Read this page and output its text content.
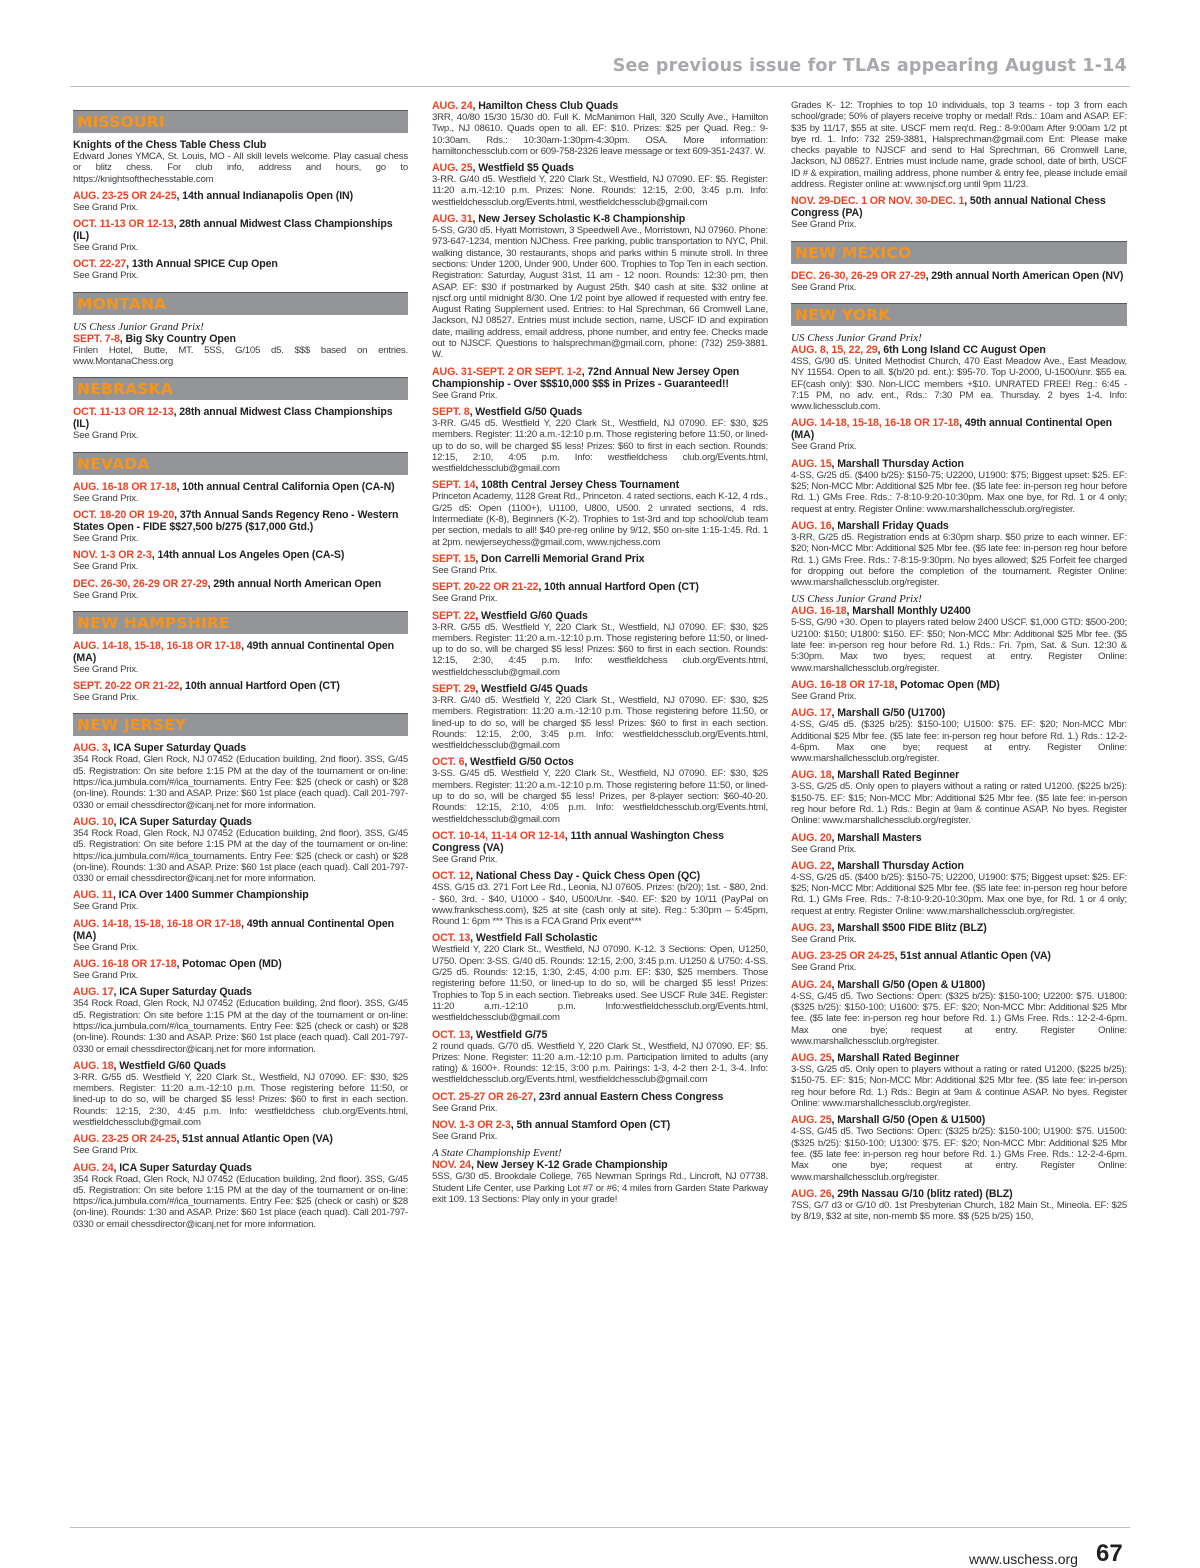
See previous issue for TLAs appearing August 1-14
MISSOURI

Knights of the Chess Table Chess Club

Edward Jones YMCA, St. Louis, MO - All skill levels welcome. Play casual chess or blitz chess. For club info, address and hours, go to https://knightsofthechesstable.com

AUG. 23-25 OR 24-25, 14th annual Indianapolis Open (IN)

See Grand Prix.

OCT. 11-13 OR 12-13, 28th annual Midwest Class Championships (IL)

See Grand Prix.

OCT. 22-27, 13th Annual SPICE Cup Open

See Grand Prix.

MONTANA

US Chess Junior Grand Prix!

SEPT. 7-8, Big Sky Country Open

Finlen Hotel, Butte, MT. 5SS, G/105 d5. $$$ based on entries. www.MontanaChess.org

NEBRASKA

OCT. 11-13 OR 12-13, 28th annual Midwest Class Championships (IL)

See Grand Prix.

NEVADA

AUG. 16-18 OR 17-18, 10th annual Central California Open (CA-N)

See Grand Prix.

OCT. 18-20 OR 19-20, 37th Annual Sands Regency Reno - Western States Open - FIDE $$27,500 b/275 ($17,000 Gtd.)

See Grand Prix.

NOV. 1-3 OR 2-3, 14th annual Los Angeles Open (CA-S)

See Grand Prix.

DEC. 26-30, 26-29 OR 27-29, 29th annual North American Open

See Grand Prix.

NEW HAMPSHIRE

AUG. 14-18, 15-18, 16-18 OR 17-18, 49th annual Continental Open (MA)

See Grand Prix.

SEPT. 20-22 OR 21-22, 10th annual Hartford Open (CT)

See Grand Prix.

NEW JERSEY

AUG. 3, ICA Super Saturday Quads

354 Rock Road, Glen Rock, NJ 07452 (Education building, 2nd floor). 3SS, G/45 d5. Registration: On site before 1:15 PM at the day of the tournament or on-line: https://ica.jumbula.com/#/ica_tournaments. Entry Fee: $25 (check or cash) or $28 (on-line). Rounds: 1:30 and ASAP. Prize: $60 1st place (each quad). Call 201-797-0330 or email chessdirector@icanj.net for more information.

AUG. 10, ICA Super Saturday Quads

354 Rock Road, Glen Rock, NJ 07452 (Education building, 2nd floor). 3SS, G/45 d5. Registration: On site before 1:15 PM at the day of the tournament or on-line: https://ica.jumbula.com/#/ica_tournaments. Entry Fee: $25 (check or cash) or $28 (on-line). Rounds: 1:30 and ASAP. Prize: $60 1st place (each quad). Call 201-797-0330 or email chessdirector@icanj.net for more information.

AUG. 11, ICA Over 1400 Summer Championship

See Grand Prix.

AUG. 14-18, 15-18, 16-18 OR 17-18, 49th annual Continental Open (MA)

See Grand Prix.

AUG. 16-18 OR 17-18, Potomac Open (MD)

See Grand Prix.

AUG. 17, ICA Super Saturday Quads

354 Rock Road, Glen Rock, NJ 07452 (Education building, 2nd floor). 3SS, G/45 d5. Registration: On site before 1:15 PM at the day of the tournament or on-line: https://ica.jumbula.com/#/ica_tournaments. Entry Fee: $25 (check or cash) or $28 (on-line). Rounds: 1:30 and ASAP. Prize: $60 1st place (each quad). Call 201-797-0330 or email chessdirector@icanj.net for more information.

AUG. 18, Westfield G/60 Quads

3-RR. G/55 d5. Westfield Y, 220 Clark St., Westfield, NJ 07090. EF: $30, $25 members. Register: 11:20 a.m.-12:10 p.m. Those registering before 11:50, or lined-up to do so, will be charged $5 less! Prizes: $60 to first in each section. Rounds: 12:15, 2:30, 4:45 p.m. Info: westfieldchess club.org/Events.html, westfieldchessclub@gmail.com

AUG. 23-25 OR 24-25, 51st annual Atlantic Open (VA)

See Grand Prix.

AUG. 24, ICA Super Saturday Quads

354 Rock Road, Glen Rock, NJ 07452 (Education building, 2nd floor). 3SS, G/45 d5. Registration: On site before 1:15 PM at the day of the tournament or on-line: https://ica.jumbula.com/#/ica_tournaments. Entry Fee: $25 (check or cash) or $28 (on-line). Rounds: 1:30 and ASAP. Prize: $60 1st place (each quad). Call 201-797-0330 or email chessdirector@icanj.net for more information.

AUG. 24, Hamilton Chess Club Quads

3RR, 40/80 15/30 15/30 d0. Full K. McManimon Hall, 320 Scully Ave., Hamilton Twp., NJ 08610. Quads open to all. EF: $10. Prizes: $25 per Quad. Reg.: 9-10:30am. Rds.: 10:30am-1:30pm-4:30pm. OSA. More information: hamiltonchessclub.com or 609-758-2326 leave message or text 609-351-2437. W.

AUG. 25, Westfield $5 Quads

3-RR. G/40 d5. Westfield Y, 220 Clark St., Westfield, NJ 07090. EF: $5. Register: 11:20 a.m.-12:10 p.m. Prizes: None. Rounds: 12:15, 2:00, 3:45 p.m. Info: westfieldchessclub.org/Events.html, westfieldchessclub@gmail.com

AUG. 31, New Jersey Scholastic K-8 Championship

5-SS, G/30 d5. Hyatt Morristown, 3 Speedwell Ave., Morristown, NJ 07960. Phone: 973-647-1234, mention NJChess. Free parking, public transportation to NYC, Phil. walking distance, 30 restaurants, shops and parks within 5 minute stroll. In three sections: Under 1200, Under 900, Under 600. Trophies to Top Ten in each section. Registration: Saturday, August 31st, 11 am - 12 noon. Rounds: 12:30 pm, then ASAP. EF: $30 if postmarked by August 25th. $40 cash at site. $32 online at njscf.org until midnight 8/30. One 1/2 point bye allowed if requested with entry fee. August Rating Supplement used. Entries: to Hal Sprechman, 66 Cromwell Lane, Jackson, NJ 08527. Entries must include section, name, USCF ID and expiration date, mailing address, email address, phone number, and entry fee. Checks made out to NJSCF. Questions to halsprechman@gmail.com, phone: (732) 259-3881. W.

AUG. 31-SEPT. 2 OR SEPT. 1-2, 72nd Annual New Jersey Open Championship - Over $$$10,000 $$$ in Prizes - Guaranteed!!

See Grand Prix.

SEPT. 8, Westfield G/50 Quads

3-RR. G/45 d5. Westfield Y, 220 Clark St., Westfield, NJ 07090. EF: $30, $25 members. Register: 11:20 a.m.-12:10 p.m. Those registering before 11:50, or lined-up to do so, will be charged $5 less! Prizes: $60 to first in each section. Rounds: 12:15, 2:10, 4:05 p.m. Info: westfieldchess club.org/Events.html, westfieldchessclub@gmail.com

SEPT. 14, 108th Central Jersey Chess Tournament

Princeton Academy, 1128 Great Rd., Princeton. 4 rated sections, each K-12, 4 rds., G/25 d5: Open (1100+), U1100, U800, U500. 2 unrated sections, 4 rds. Intermediate (K-8), Beginners (K-2). Trophies to 1st-3rd and top school/club team per section, medals to all! $40 pre-reg online by 9/12, $50 on-site 1:15-1:45. Rd. 1 at 2pm. newjerseychess@gmail.com, www.njchess.com

SEPT. 15, Don Carrelli Memorial Grand Prix

See Grand Prix.

SEPT. 20-22 OR 21-22, 10th annual Hartford Open (CT)

See Grand Prix.

SEPT. 22, Westfield G/60 Quads

3-RR. G/55 d5. Westfield Y, 220 Clark St., Westfield, NJ 07090. EF: $30, $25 members. Register: 11:20 a.m.-12:10 p.m. Those registering before 11:50, or lined-up to do so, will be charged $5 less! Prizes: $60 to first in each section. Rounds: 12:15, 2:30, 4:45 p.m. Info: westfieldchess club.org/Events.html, westfieldchessclub@gmail.com

SEPT. 29, Westfield G/45 Quads

3-RR. G/40 d5. Westfield Y, 220 Clark St., Westfield, NJ 07090. EF: $30, $25 members. Registration: 11:20 a.m.-12:10 p.m. Those registering before 11:50, or lined-up to do so, will be charged $5 less! Prizes: $60 to first in each section. Rounds: 12:15, 2:00, 3:45 p.m. Info: westfieldchessclub.org/Events.html, westfieldchessclub@gmail.com

OCT. 6, Westfield G/50 Octos

3-SS. G/45 d5. Westfield Y, 220 Clark St., Westfield, NJ 07090. EF: $30, $25 members. Register: 11:20 a.m.-12:10 p.m. Those registering before 11:50, or lined-up to do so, will be charged $5 less! Prizes, per 8-player section: $60-40-20. Rounds: 12:15, 2:10, 4:05 p.m. Info: westfieldchessclub.org/Events.html, westfieldchessclub@gmail.com

OCT. 10-14, 11-14 OR 12-14, 11th annual Washington Chess Congress (VA)

See Grand Prix.

OCT. 12, National Chess Day - Quick Chess Open (QC)

4SS. G/15 d3. 271 Fort Lee Rd., Leonia, NJ 07605. Prizes: (b/20); 1st. - $80, 2nd. - $60, 3rd. - $40, U1000 - $40, U500/Unr. -$40. EF: $20 by 10/11 (PayPal on www.frankschess.com), $25 at site (cash only at site). Reg.: 5:30pm – 5:45pm, Round 1: 6pm *** This is a FCA Grand Prix event***

OCT. 13, Westfield Fall Scholastic

Westfield Y, 220 Clark St., Westfield, NJ 07090. K-12. 3 Sections: Open, U1250, U750. Open: 3-SS. G/40 d5. Rounds: 12:15, 2:00, 3:45 p.m. U1250 & U750: 4-SS. G/25 d5. Rounds: 12:15, 1:30, 2:45, 4:00 p.m. EF: $30, $25 members. Those registering before 11:50, or lined-up to do so, will be charged $5 less! Prizes: Trophies to Top 5 in each section. Tiebreaks used. See USCF Rule 34E. Register: 11:20 a.m.-12:10 p.m. Info:westfieldchessclub.org/Events.html, westfieldchessclub@gmail.com

OCT. 13, Westfield G/75

2 round quads. G/70 d5. Westfield Y, 220 Clark St., Westfield, NJ 07090. EF: $5. Prizes: None. Register: 11:20 a.m.-12:10 p.m. Participation limited to adults (any rating) & 1600+. Rounds: 12:15, 3:00 p.m. Pairings: 1-3, 4-2 then 2-1, 3-4. Info: westfieldchessclub.org/Events.html, westfieldchessclub@gmail.com

OCT. 25-27 OR 26-27, 23rd annual Eastern Chess Congress

See Grand Prix.

NOV. 1-3 OR 2-3, 5th annual Stamford Open (CT)

See Grand Prix.

A State Championship Event!

NOV. 24, New Jersey K-12 Grade Championship

5SS, G/30 d5. Brookdale College, 765 Newman Springs Rd., Lincroft, NJ 07738. Student Life Center, use Parking Lot #7 or #6; 4 miles from Garden State Parkway exit 109. 13 Sections: Play only in your grade!

Grades K- 12: Trophies to top 10 individuals, top 3 teams - top 3 from each school/grade; 50% of players receive trophy or medal! Rds.: 10am and ASAP. EF: $35 by 11/17, $55 at site. USCF mem req'd. Reg.: 8-9:00am After 9:00am 1/2 pt bye rd. 1. Info: 732 259-3881, Halsprechman@gmail.com Ent: Please make checks payable to NJSCF and send to Hal Sprechman, 66 Cromwell Lane, Jackson, NJ 08527. Entries must include name, grade school, date of birth, USCF ID # & expiration, mailing address, phone number & entry fee, please include email address. Register online at: www.njscf.org until 9pm 11/23.

NOV. 29-DEC. 1 OR NOV. 30-DEC. 1, 50th annual National Chess Congress (PA)

See Grand Prix.

NEW MEXICO

DEC. 26-30, 26-29 OR 27-29, 29th annual North American Open (NV)

See Grand Prix.

NEW YORK

US Chess Junior Grand Prix!

AUG. 8, 15, 22, 29, 6th Long Island CC August Open

4SS, G/90 d5. United Methodist Church, 470 East Meadow Ave., East Meadow, NY 11554. Open to all. $(b/20 pd. ent.): $95-70. Top U-2000, U-1500/unr. $55 ea. EF(cash only): $30. Non-LICC members +$10. UNRATED FREE! Reg.: 6:45 - 7:15 PM, no adv. ent., Rds.: 7:30 PM ea. Thursday. 2 byes 1-4. Info: www.lichessclub.com.

AUG. 14-18, 15-18, 16-18 OR 17-18, 49th annual Continental Open (MA)

See Grand Prix.

AUG. 15, Marshall Thursday Action

4-SS, G/25 d5. ($400 b/25): $150-75; U2200, U1900: $75; Biggest upset: $25. EF: $25; Non-MCC Mbr: Additional $25 Mbr fee. ($5 late fee: in-person reg hour before Rd. 1.) GMs Free. Rds.: 7-8:10-9:20-10:30pm. Max one bye, for Rd. 1 or 4 only; request at entry. Register Online: www.marshallchessclub.org/register.

AUG. 16, Marshall Friday Quads

3-RR, G/25 d5. Registration ends at 6:30pm sharp. $50 prize to each winner. EF: $20; Non-MCC Mbr: Additional $25 Mbr fee. ($5 late fee: in-person reg hour before Rd. 1.) GMs Free. Rds.: 7-8:15-9:30pm. No byes allowed; $25 Forfeit fee charged for dropping out before the completion of the tournament. Register Online: www.marshallchessclub.org/register.

US Chess Junior Grand Prix!

AUG. 16-18, Marshall Monthly U2400

5-SS, G/90 +30. Open to players rated below 2400 USCF. $1,000 GTD: $500-200; U2100: $150; U1800: $150. EF: $50; Non-MCC Mbr: Additional $25 Mbr fee. ($5 late fee: in-person reg hour before Rd. 1.) Rds.: Fri. 7pm, Sat. & Sun. 12:30 & 5:30pm. Max two byes; request at entry. Register Online: www.marshallchessclub.org/register.

AUG. 16-18 OR 17-18, Potomac Open (MD)

See Grand Prix.

AUG. 17, Marshall G/50 (U1700)

4-SS, G/45 d5. ($325 b/25): $150-100; U1500: $75. EF: $20; Non-MCC Mbr: Additional $25 Mbr fee. ($5 late fee: in-person reg hour before Rd. 1.) Rds.: 12-2-4-6pm. Max one bye; request at entry. Register Online: www.marshallchessclub.org/register.

AUG. 18, Marshall Rated Beginner

3-SS, G/25 d5. Only open to players without a rating or rated U1200. ($225 b/25): $150-75. EF: $15; Non-MCC Mbr: Additional $25 Mbr fee. ($5 late fee: in-person reg hour before Rd. 1.) Rds.: Begin at 9am & continue ASAP. No byes. Register Online: www.marshallchessclub.org/register.

AUG. 20, Marshall Masters

See Grand Prix.

AUG. 22, Marshall Thursday Action

4-SS, G/25 d5. ($400 b/25): $150-75; U2200, U1900: $75; Biggest upset: $25. EF: $25; Non-MCC Mbr: Additional $25 Mbr fee. ($5 late fee: in-person reg hour before Rd. 1.) GMs Free. Rds.: 7-8:10-9:20-10:30pm. Max one bye, for Rd. 1 or 4 only; request at entry. Register Online: www.marshallchessclub.org/register.

AUG. 23, Marshall $500 FIDE Blitz (BLZ)

See Grand Prix.

AUG. 23-25 OR 24-25, 51st annual Atlantic Open (VA)

See Grand Prix.

AUG. 24, Marshall G/50 (Open & U1800)

4-SS, G/45 d5. Two Sections: Open: ($325 b/25): $150-100; U2200: $75. U1800: ($325 b/25): $150-100; U1600: $75. EF: $20; Non-MCC Mbr: Additional $25 Mbr fee. ($5 late fee: in-person reg hour before Rd. 1.) GMs Free. Rds.: 12-2-4-6pm. Max one bye; request at entry. Register Online: www.marshallchessclub.org/register.

AUG. 25, Marshall Rated Beginner

3-SS, G/25 d5. Only open to players without a rating or rated U1200. ($225 b/25): $150-75. EF: $15; Non-MCC Mbr: Additional $25 Mbr fee. ($5 late fee: in-person reg hour before Rd. 1.) Rds.: Begin at 9am & continue ASAP. No byes. Register Online: www.marshallchessclub.org/register.

AUG. 25, Marshall G/50 (Open & U1500)

4-SS, G/45 d5. Two Sections: Open: ($325 b/25): $150-100; U1900: $75. U1500: ($325 b/25): $150-100; U1300: $75. EF: $20; Non-MCC Mbr: Additional $25 Mbr fee. ($5 late fee: in-person reg hour before Rd. 1.) GMs Free. Rds.: 12-2-4-6pm. Max one bye; request at entry. Register Online: www.marshallchessclub.org/register.

AUG. 26, 29th Nassau G/10 (blitz rated) (BLZ)

7SS, G/7 d3 or G/10 d0. 1st Presbyterian Church, 182 Main St., Mineola. EF: $25 by 8/19, $32 at site, non-memb $5 more. $$ (525 b/25) 150,

www.uschess.org 67
